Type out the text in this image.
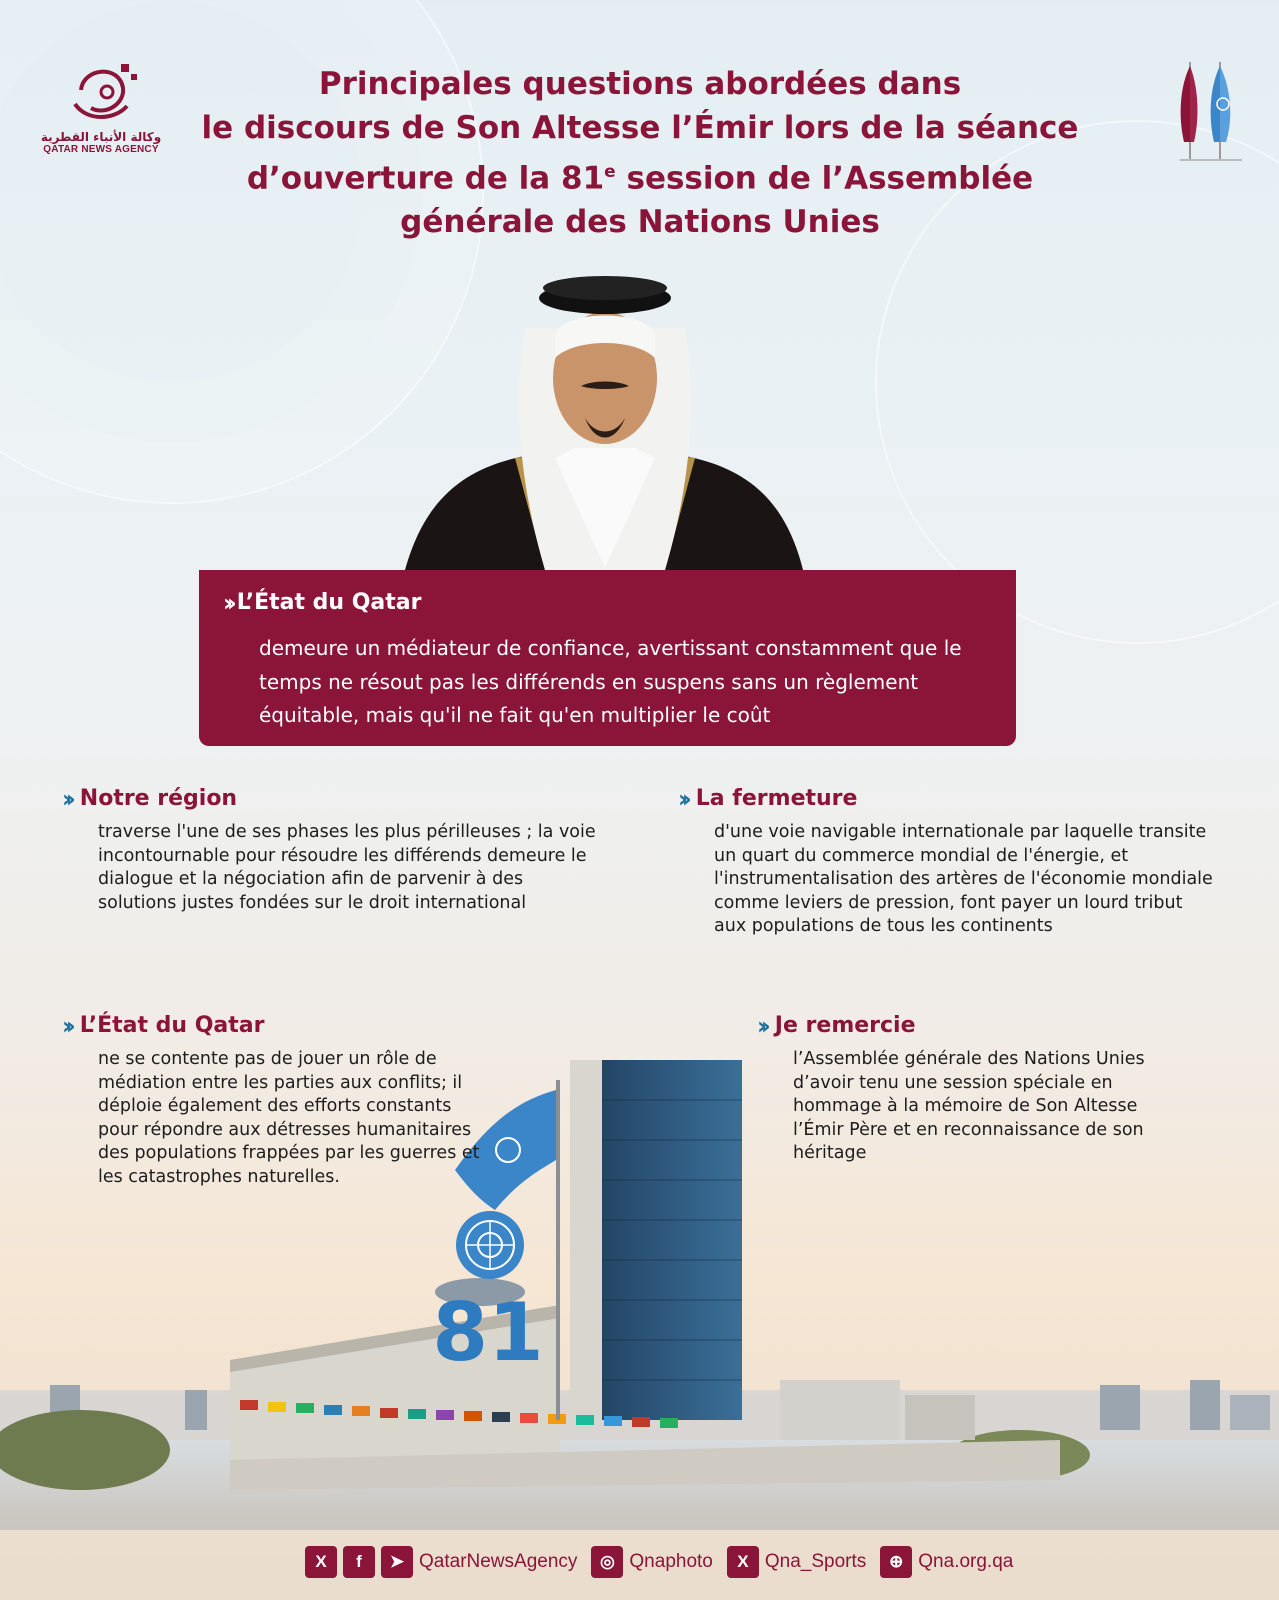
وكالة الأنباء القطرية
QATAR NEWS AGENCY
Principales questions abordées dans
le discours de Son Altesse l’Émir lors de la séance
d’ouverture de la 81e session de l’Assemblée
générale des Nations Unies
›› L’État du Qatar

demeure un médiateur de confiance, avertissant constamment que le temps ne résout pas les différends en suspens sans un règlement équitable, mais qu'il ne fait qu'en multiplier le coût

›› Notre région

traverse l'une de ses phases les plus périlleuses ; la voie incontournable pour résoudre les différends demeure le dialogue et la négociation afin de parvenir à des solutions justes fondées sur le droit international

›› La fermeture

d'une voie navigable internationale par laquelle transite un quart du commerce mondial de l'énergie, et l'instrumentalisation des artères de l'économie mondiale comme leviers de pression, font payer un lourd tribut aux populations de tous les continents

81
›› L’État du Qatar

ne se contente pas de jouer un rôle de médiation entre les parties aux conflits; il déploie également des efforts constants pour répondre aux détresses humanitaires des populations frappées par les guerres et les catastrophes naturelles.

›› Je remercie

l’Assemblée générale des Nations Unies d’avoir tenu une session spéciale en hommage à la mémoire de Son Altesse l’Émir Père et en reconnaissance de son héritage

X	f	➤ QatarNewsAgency	◎ Qnaphoto	X Qna_Sports	⊕ Qna.org.qa
